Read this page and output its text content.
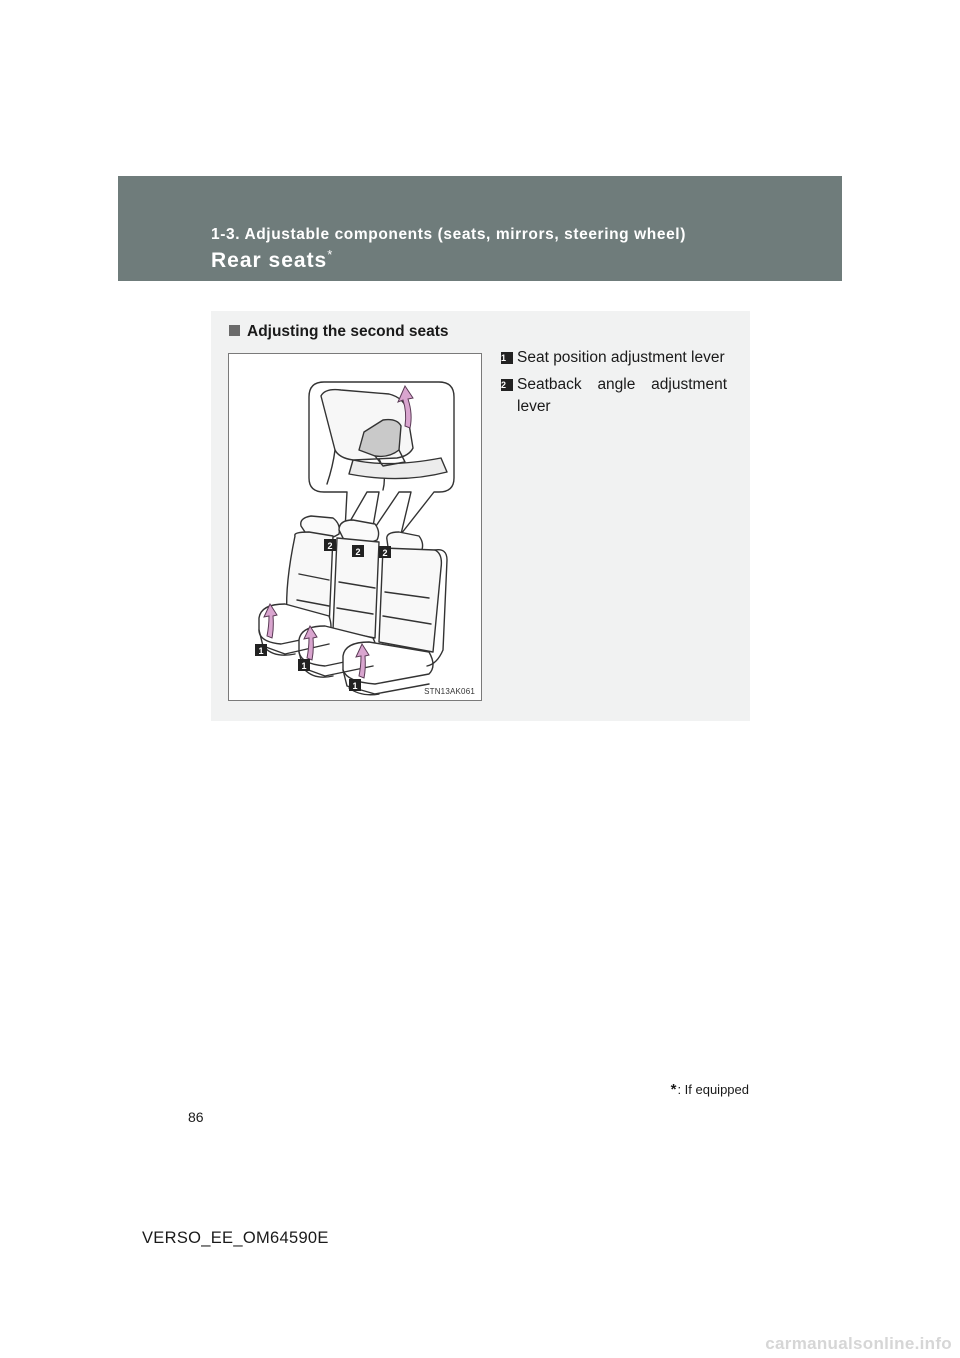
1-3. Adjustable components (seats, mirrors, steering wheel)
Rear seats*
Adjusting the second seats
2
2 2
1
1
1
STN13AK061
1 Seat position adjustment lever
2 Seatback angle adjustment lever
*: If equipped
86
VERSO_EE_OM64590E
carmanualsonline.info
